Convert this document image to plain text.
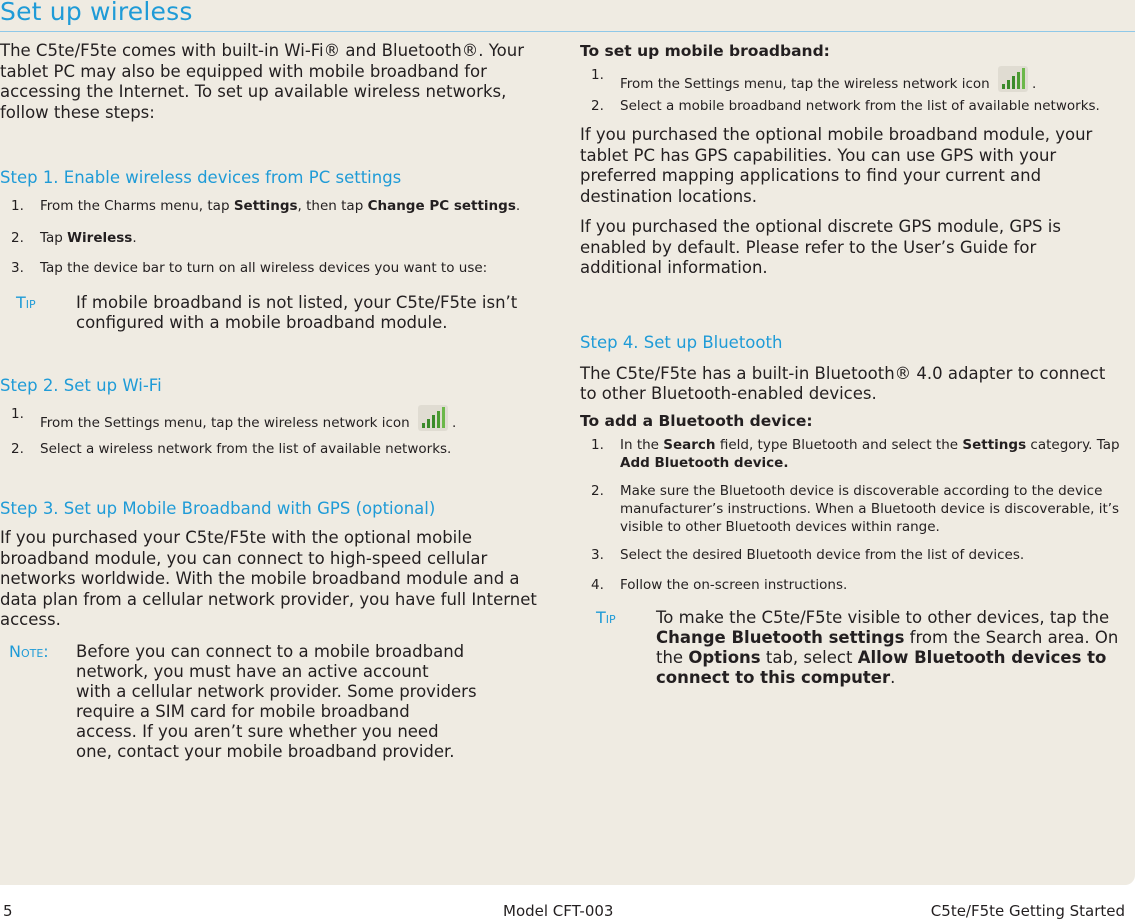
Set up wireless

The C5te/F5te comes with built-in Wi-Fi® and Bluetooth®. Your tablet PC may also be equipped with mobile broadband for accessing the Internet. To set up available wireless networks, follow these steps:

Step 1. Enable wireless devices from PC settings
1. From the Charms menu, tap Settings, then tap Change PC settings.
2. Tap Wireless.
3. Tap the device bar to turn on all wireless devices you want to use:
TIP If mobile broadband is not listed, your C5te/F5te isn’t configured with a mobile broadband module.
Step 2. Set up Wi-Fi
1.
From the Settings menu, tap the wireless network icon	.
2. Select a wireless network from the list of available networks.
Step 3. Set up Mobile Broadband with GPS (optional)

If you purchased your C5te/F5te with the optional mobile broadband module, you can connect to high-speed cellular networks worldwide. With the mobile broadband module and a data plan from a cellular network provider, you have full Internet access.

NOTE: Before you can connect to a mobile broadband
network, you must have an active account
with a cellular network provider. Some providers
require a SIM card for mobile broadband
access. If you aren’t sure whether you need
one, contact your mobile broadband provider.
To set up mobile broadband:
1.
From the Settings menu, tap the wireless network icon	.
2. Select a mobile broadband network from the list of available networks.

If you purchased the optional mobile broadband module, your tablet PC has GPS capabilities. You can use GPS with your preferred mapping applications to find your current and destination locations.

If you purchased the optional discrete GPS module, GPS is enabled by default. Please refer to the User’s Guide for additional information.

Step 4. Set up Bluetooth

The C5te/F5te has a built-in Bluetooth® 4.0 adapter to connect to other Bluetooth-enabled devices.

To add a Bluetooth device:
1. In the Search field, type Bluetooth and select the Settings category. Tap Add Bluetooth device.
2. Make sure the Bluetooth device is discoverable according to the device manufacturer’s instructions. When a Bluetooth device is discoverable, it’s visible to other Bluetooth devices within range.
3. Select the desired Bluetooth device from the list of devices.
4. Follow the on-screen instructions.
TIP To make the C5te/F5te visible to other devices, tap the Change Bluetooth settings from the Search area. On the Options tab, select Allow Bluetooth devices to connect to this computer.
5	Model CFT-003	C5te/F5te Getting Started
